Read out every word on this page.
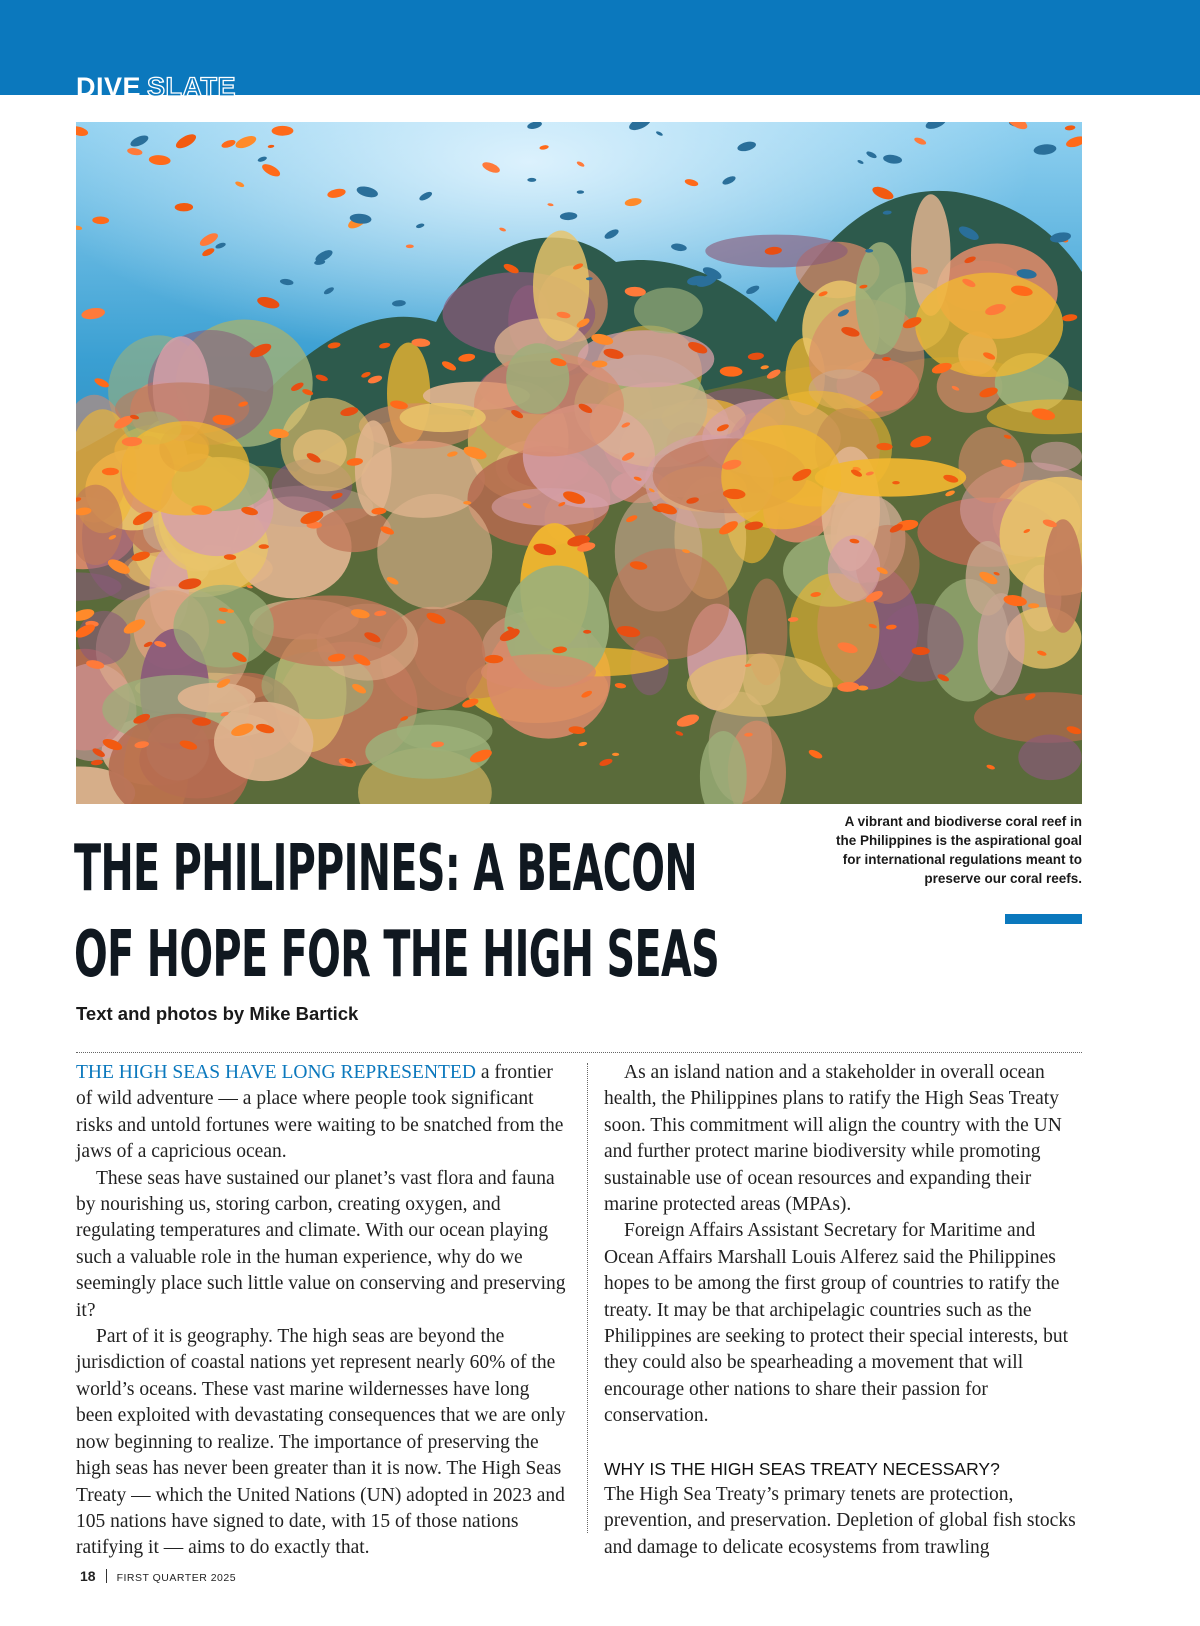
DIVE SLATE
A vibrant and biodiverse coral reef in the Philippines is the aspirational goal for international regulations meant to preserve our coral reefs.
THE PHILIPPINES: A BEACON
OF HOPE FOR THE HIGH SEAS
Text and photos by Mike Bartick

THE HIGH SEAS HAVE LONG REPRESENTED a frontier of wild adventure — a place where people took significant risks and untold fortunes were waiting to be snatched from the jaws of a capricious ocean.

These seas have sustained our planet’s vast flora and fauna by nourishing us, storing carbon, creating oxygen, and regulating temperatures and climate. With our ocean playing such a valuable role in the human experience, why do we seemingly place such little value on conserving and preserving it?

Part of it is geography. The high seas are beyond the jurisdiction of coastal nations yet represent nearly 60% of the world’s oceans. These vast marine wildernesses have long been exploited with devastating consequences that we are only now beginning to realize. The importance of preserving the high seas has never been greater than it is now. The High Seas Treaty — which the United Nations (UN) adopted in 2023 and 105 nations have signed to date, with 15 of those nations ratifying it — aims to do exactly that.

As an island nation and a stakeholder in overall ocean health, the Philippines plans to ratify the High Seas Treaty soon. This commitment will align the country with the UN and further protect marine biodiversity while promoting sustainable use of ocean resources and expanding their marine protected areas (MPAs).

Foreign Affairs Assistant Secretary for Maritime and Ocean Affairs Marshall Louis Alferez said the Philippines hopes to be among the first group of countries to ratify the treaty. It may be that archipelagic countries such as the Philippines are seeking to protect their special interests, but they could also be spearheading a movement that will encourage other nations to share their passion for conservation.

WHY IS THE HIGH SEAS TREATY NECESSARY?

The High Sea Treaty’s primary tenets are protection, prevention, and preservation. Depletion of global fish stocks and damage to delicate ecosystems from trawling

18 FIRST QUARTER 2025
